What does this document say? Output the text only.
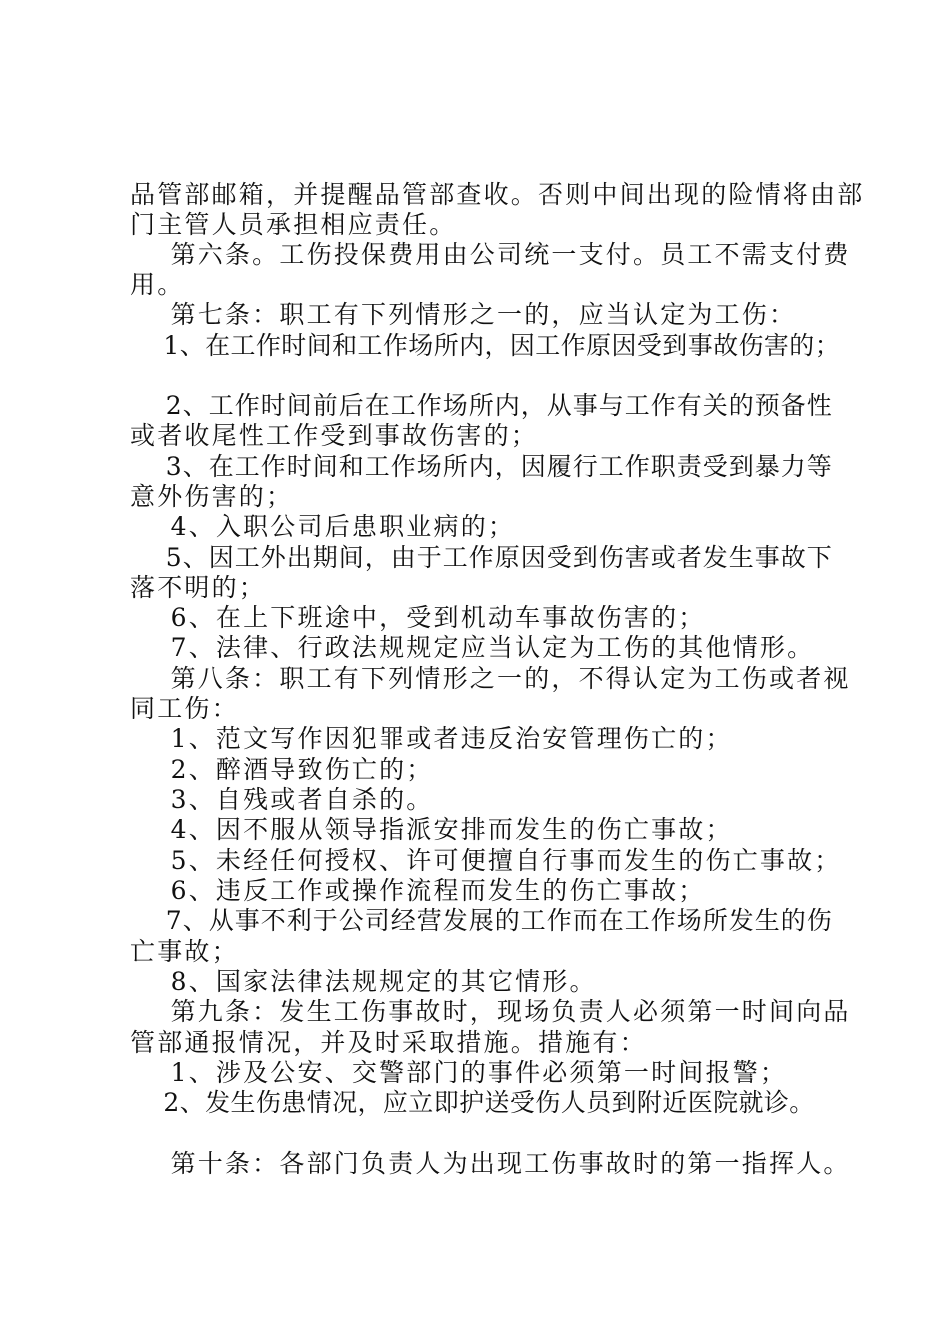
品管部邮箱，并提醒品管部查收。否则中间出现的险情将由部
门主管人员承担相应责任。
第六条。工伤投保费用由公司统一支付。员工不需支付费
用。
第七条：职工有下列情形之一的，应当认定为工伤：
1、在工作时间和工作场所内，因工作原因受到事故伤害的；
2、工作时间前后在工作场所内，从事与工作有关的预备性
或者收尾性工作受到事故伤害的；
3、在工作时间和工作场所内，因履行工作职责受到暴力等
意外伤害的；
4、入职公司后患职业病的；
5、因工外出期间，由于工作原因受到伤害或者发生事故下
落不明的；
6、在上下班途中，受到机动车事故伤害的；
7、法律、行政法规规定应当认定为工伤的其他情形。
第八条：职工有下列情形之一的，不得认定为工伤或者视
同工伤：
1、范文写作因犯罪或者违反治安管理伤亡的；
2、醉酒导致伤亡的；
3、自残或者自杀的。
4、因不服从领导指派安排而发生的伤亡事故；
5、未经任何授权、许可便擅自行事而发生的伤亡事故；
6、违反工作或操作流程而发生的伤亡事故；
7、从事不利于公司经营发展的工作而在工作场所发生的伤
亡事故；
8、国家法律法规规定的其它情形。
第九条：发生工伤事故时，现场负责人必须第一时间向品
管部通报情况，并及时采取措施。措施有：
1、涉及公安、交警部门的事件必须第一时间报警；
2、发生伤患情况，应立即护送受伤人员到附近医院就诊。
第十条：各部门负责人为出现工伤事故时的第一指挥人。
